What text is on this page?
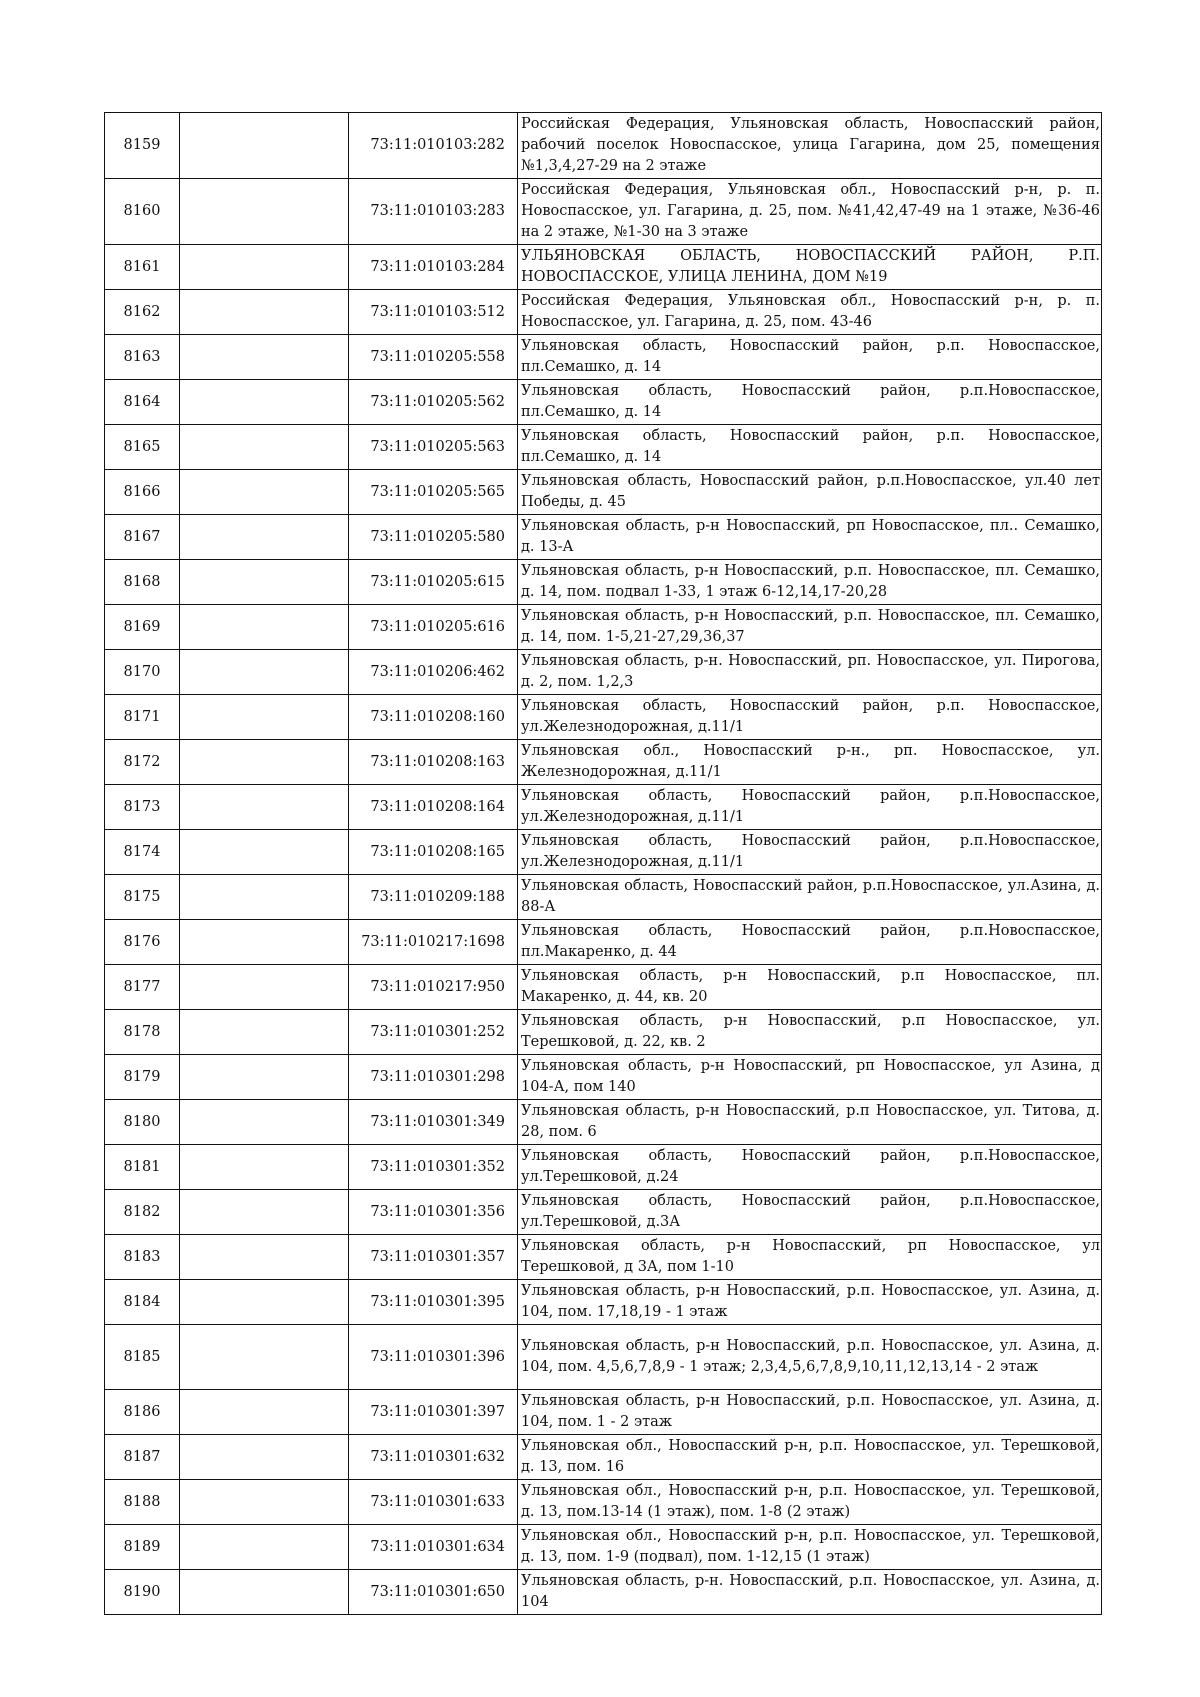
8159		73:11:010103:282	Российская Федерация, Ульяновская область, Новоспасский район, рабочий поселок Новоспасское, улица Гагарина, дом 25, помещения №1,3,4,27-29 на 2 этаже

8160		73:11:010103:283	Российская Федерация, Ульяновская обл., Новоспасский р-н, р. п. Новоспасское, ул. Гагарина, д. 25, пом. №41,42,47-49 на 1 этаже, №36-46 на 2 этаже, №1-30 на 3 этаже

8161		73:11:010103:284	УЛЬЯНОВСКАЯ ОБЛАСТЬ, НОВОСПАССКИЙ РАЙОН, Р.П. НОВОСПАССКОЕ, УЛИЦА ЛЕНИНА, ДОМ №19

8162		73:11:010103:512	Российская Федерация, Ульяновская обл., Новоспасский р-н, р. п. Новоспасское, ул. Гагарина, д. 25, пом. 43-46

8163		73:11:010205:558	Ульяновская область, Новоспасский район, р.п. Новоспасское, пл.Семашко, д. 14

8164		73:11:010205:562	Ульяновская область, Новоспасский район, р.п.Новоспасское, пл.Семашко, д. 14

8165		73:11:010205:563	Ульяновская область, Новоспасский район, р.п. Новоспасское, пл.Семашко, д. 14

8166		73:11:010205:565	Ульяновская область, Новоспасский район, р.п.Новоспасское, ул.40 лет Победы, д. 45

8167		73:11:010205:580	Ульяновская область, р-н Новоспасский, рп Новоспасское, пл.. Семашко, д. 13-А

8168		73:11:010205:615	Ульяновская область, р-н Новоспасский, р.п. Новоспасское, пл. Семашко, д. 14, пом. подвал 1-33, 1 этаж 6-12,14,17-20,28

8169		73:11:010205:616	Ульяновская область, р-н Новоспасский, р.п. Новоспасское, пл. Семашко, д. 14, пом. 1-5,21-27,29,36,37

8170		73:11:010206:462	Ульяновская область, р-н. Новоспасский, рп. Новоспасское, ул. Пирогова, д. 2, пом. 1,2,3

8171		73:11:010208:160	Ульяновская область, Новоспасский район, р.п. Новоспасское, ул.Железнодорожная, д.11/1

8172		73:11:010208:163	Ульяновская обл., Новоспасский р-н., рп. Новоспасское, ул. Железнодорожная, д.11/1

8173		73:11:010208:164	Ульяновская область, Новоспасский район, р.п.Новоспасское, ул.Железнодорожная, д.11/1

8174		73:11:010208:165	Ульяновская область, Новоспасский район, р.п.Новоспасское, ул.Железнодорожная, д.11/1

8175		73:11:010209:188	Ульяновская область, Новоспасский район, р.п.Новоспасское, ул.Азина, д. 88-А

8176		73:11:010217:1698	Ульяновская область, Новоспасский район, р.п.Новоспасское, пл.Макаренко, д. 44

8177		73:11:010217:950	Ульяновская область, р-н Новоспасский, р.п Новоспасское, пл. Макаренко, д. 44, кв. 20

8178		73:11:010301:252	Ульяновская область, р-н Новоспасский, р.п Новоспасское, ул. Терешковой, д. 22, кв. 2

8179		73:11:010301:298	Ульяновская область, р-н Новоспасский, рп Новоспасское, ул Азина, д 104-А, пом 140

8180		73:11:010301:349	Ульяновская область, р-н Новоспасский, р.п Новоспасское, ул. Титова, д. 28, пом. 6

8181		73:11:010301:352	Ульяновская область, Новоспасский район, р.п.Новоспасское, ул.Терешковой, д.24

8182		73:11:010301:356	Ульяновская область, Новоспасский район, р.п.Новоспасское, ул.Терешковой, д.3А

8183		73:11:010301:357	Ульяновская область, р-н Новоспасский, рп Новоспасское, ул Терешковой, д 3А, пом 1-10

8184		73:11:010301:395	Ульяновская область, р-н Новоспасский, р.п. Новоспасское, ул. Азина, д. 104, пом. 17,18,19 - 1 этаж

8185		73:11:010301:396	Ульяновская область, р-н Новоспасский, р.п. Новоспасское, ул. Азина, д. 104, пом. 4,5,6,7,8,9 - 1 этаж; 2,3,4,5,6,7,8,9,10,11,12,13,14 - 2 этаж

8186		73:11:010301:397	Ульяновская область, р-н Новоспасский, р.п. Новоспасское, ул. Азина, д. 104, пом. 1 - 2 этаж

8187		73:11:010301:632	Ульяновская обл., Новоспасский р-н, р.п. Новоспасское, ул. Терешковой, д. 13, пом. 16

8188		73:11:010301:633	Ульяновская обл., Новоспасский р-н, р.п. Новоспасское, ул. Терешковой, д. 13, пом.13-14 (1 этаж), пом. 1-8 (2 этаж)

8189		73:11:010301:634	Ульяновская обл., Новоспасский р-н, р.п. Новоспасское, ул. Терешковой, д. 13, пом. 1-9 (подвал), пом. 1-12,15 (1 этаж)

8190		73:11:010301:650	Ульяновская область, р-н. Новоспасский, р.п. Новоспасское, ул. Азина, д. 104
